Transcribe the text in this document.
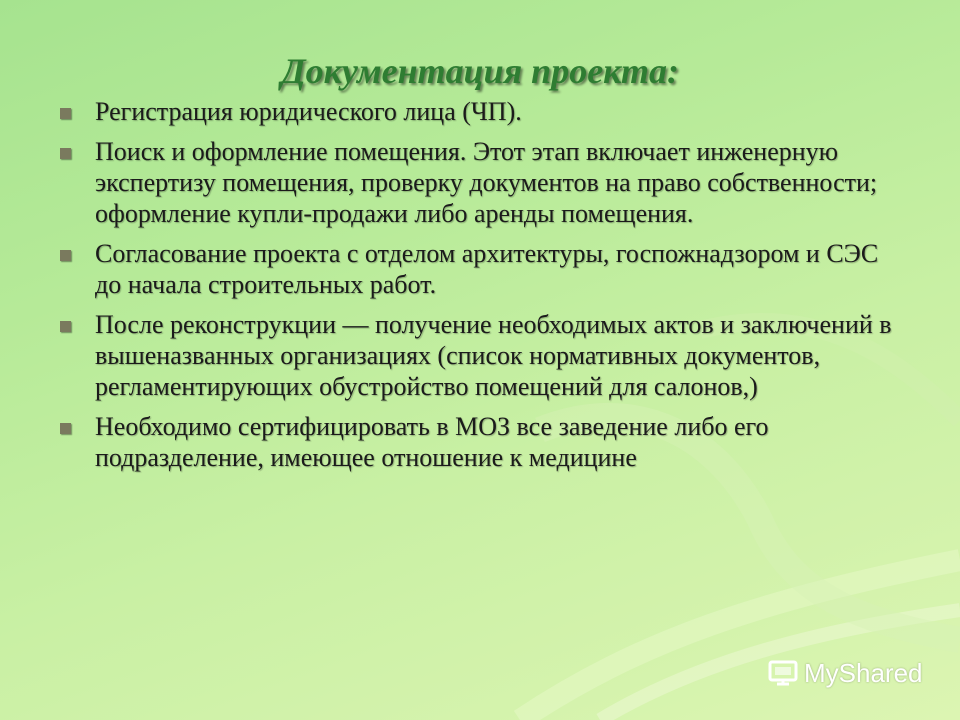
Документация проекта:
Регистрация юридического лица (ЧП).
Поиск и оформление помещения. Этот этап включает инженерную экспертизу помещения, проверку документов на право собственности; оформление купли-продажи либо аренды помещения.
Согласование проекта с отделом архитектуры, госпожнадзором и СЭС до начала строительных работ.
После реконструкции — получение необходимых актов и заключений в вышеназванных организациях (список нормативных документов, регламентирующих обустройство помещений для салонов,)
Необходимо сертифицировать в МОЗ все заведение либо его подразделение, имеющее отношение к медицине
MyShared
